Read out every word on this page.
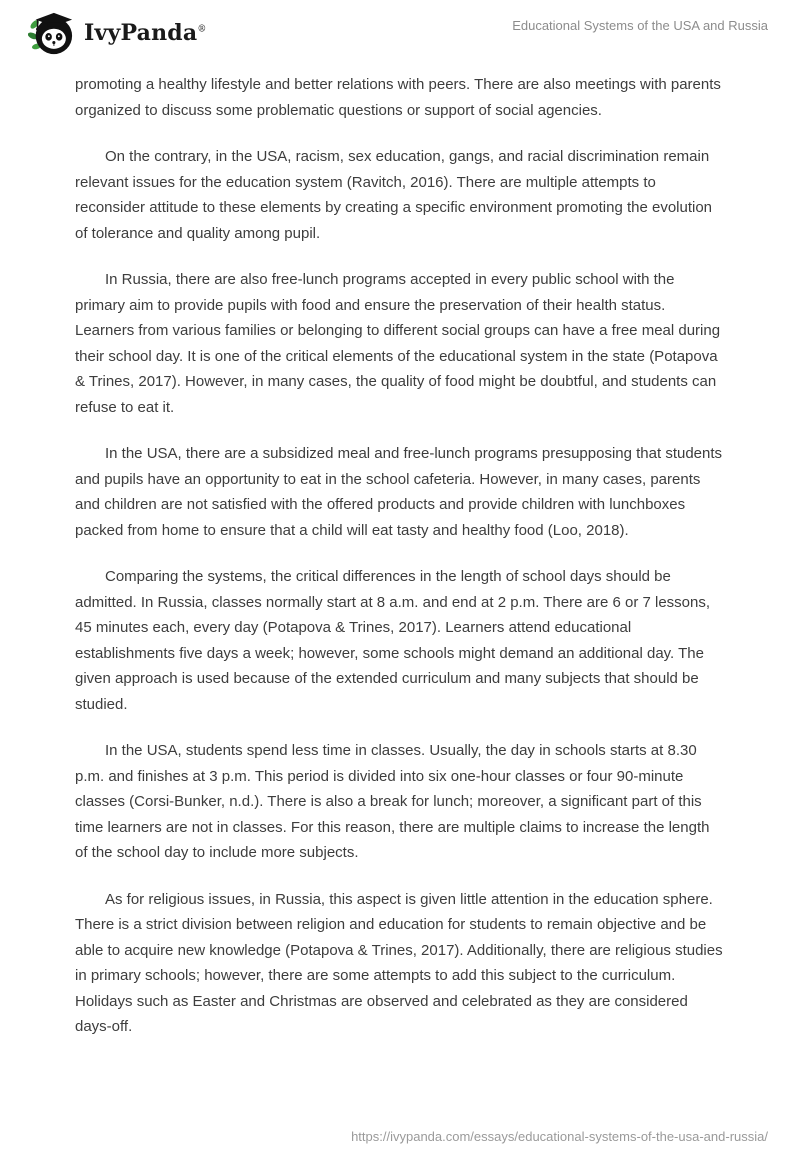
IvyPanda®	Educational Systems of the USA and Russia

promoting a healthy lifestyle and better relations with peers. There are also meetings with parents organized to discuss some problematic questions or support of social agencies.

On the contrary, in the USA, racism, sex education, gangs, and racial discrimination remain relevant issues for the education system (Ravitch, 2016). There are multiple attempts to reconsider attitude to these elements by creating a specific environment promoting the evolution of tolerance and quality among pupil.

In Russia, there are also free-lunch programs accepted in every public school with the primary aim to provide pupils with food and ensure the preservation of their health status. Learners from various families or belonging to different social groups can have a free meal during their school day. It is one of the critical elements of the educational system in the state (Potapova & Trines, 2017). However, in many cases, the quality of food might be doubtful, and students can refuse to eat it.

In the USA, there are a subsidized meal and free-lunch programs presupposing that students and pupils have an opportunity to eat in the school cafeteria. However, in many cases, parents and children are not satisfied with the offered products and provide children with lunchboxes packed from home to ensure that a child will eat tasty and healthy food (Loo, 2018).

Comparing the systems, the critical differences in the length of school days should be admitted. In Russia, classes normally start at 8 a.m. and end at 2 p.m. There are 6 or 7 lessons, 45 minutes each, every day (Potapova & Trines, 2017). Learners attend educational establishments five days a week; however, some schools might demand an additional day. The given approach is used because of the extended curriculum and many subjects that should be studied.

In the USA, students spend less time in classes. Usually, the day in schools starts at 8.30 p.m. and finishes at 3 p.m. This period is divided into six one-hour classes or four 90-minute classes (Corsi-Bunker, n.d.). There is also a break for lunch; moreover, a significant part of this time learners are not in classes. For this reason, there are multiple claims to increase the length of the school day to include more subjects.

As for religious issues, in Russia, this aspect is given little attention in the education sphere. There is a strict division between religion and education for students to remain objective and be able to acquire new knowledge (Potapova & Trines, 2017). Additionally, there are religious studies in primary schools; however, there are some attempts to add this subject to the curriculum. Holidays such as Easter and Christmas are observed and celebrated as they are considered days-off.

https://ivypanda.com/essays/educational-systems-of-the-usa-and-russia/
